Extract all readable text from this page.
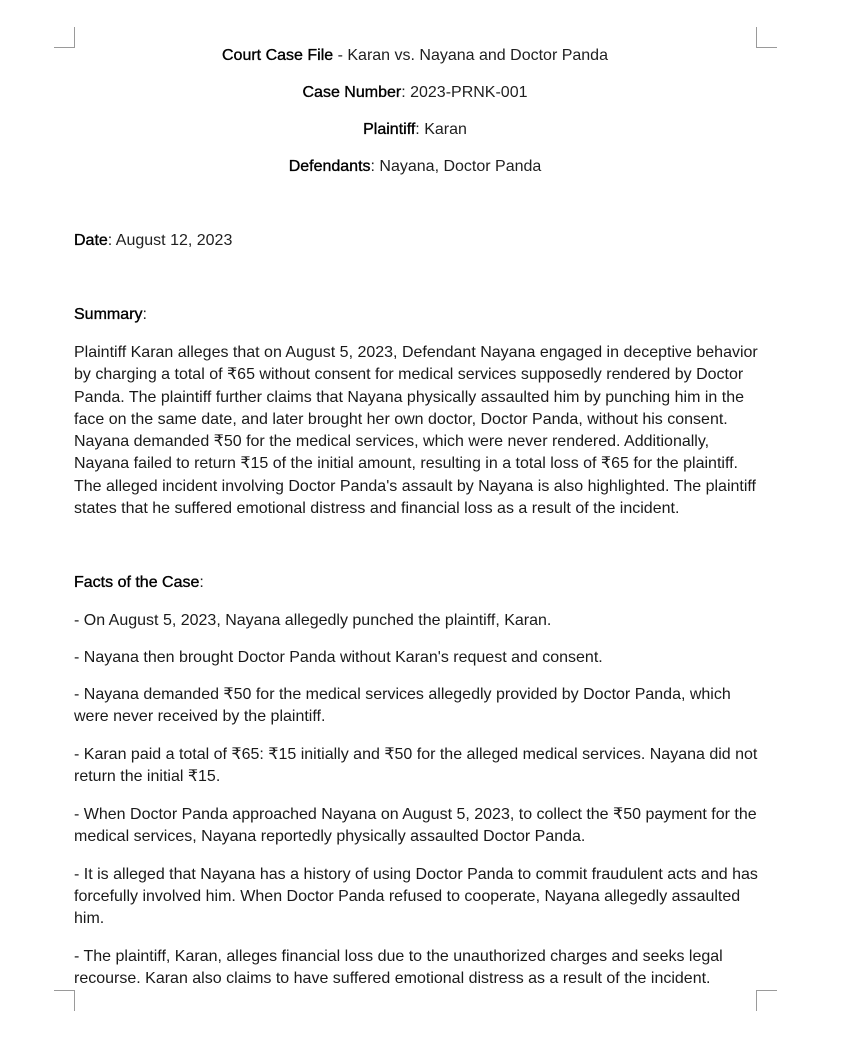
Court Case File - Karan vs. Nayana and Doctor Panda
Case Number: 2023-PRNK-001
Plaintiff: Karan
Defendants: Nayana, Doctor Panda
Date: August 12, 2023
Summary:
Plaintiff Karan alleges that on August 5, 2023, Defendant Nayana engaged in deceptive behavior by charging a total of ₹65 without consent for medical services supposedly rendered by Doctor Panda. The plaintiff further claims that Nayana physically assaulted him by punching him in the face on the same date, and later brought her own doctor, Doctor Panda, without his consent. Nayana demanded ₹50 for the medical services, which were never rendered. Additionally, Nayana failed to return ₹15 of the initial amount, resulting in a total loss of ₹65 for the plaintiff. The alleged incident involving Doctor Panda's assault by Nayana is also highlighted. The plaintiff states that he suffered emotional distress and financial loss as a result of the incident.
Facts of the Case:
- On August 5, 2023, Nayana allegedly punched the plaintiff, Karan.
- Nayana then brought Doctor Panda without Karan's request and consent.
- Nayana demanded ₹50 for the medical services allegedly provided by Doctor Panda, which were never received by the plaintiff.
- Karan paid a total of ₹65: ₹15 initially and ₹50 for the alleged medical services. Nayana did not return the initial ₹15.
- When Doctor Panda approached Nayana on August 5, 2023, to collect the ₹50 payment for the medical services, Nayana reportedly physically assaulted Doctor Panda.
- It is alleged that Nayana has a history of using Doctor Panda to commit fraudulent acts and has forcefully involved him. When Doctor Panda refused to cooperate, Nayana allegedly assaulted him.
- The plaintiff, Karan, alleges financial loss due to the unauthorized charges and seeks legal recourse. Karan also claims to have suffered emotional distress as a result of the incident.
